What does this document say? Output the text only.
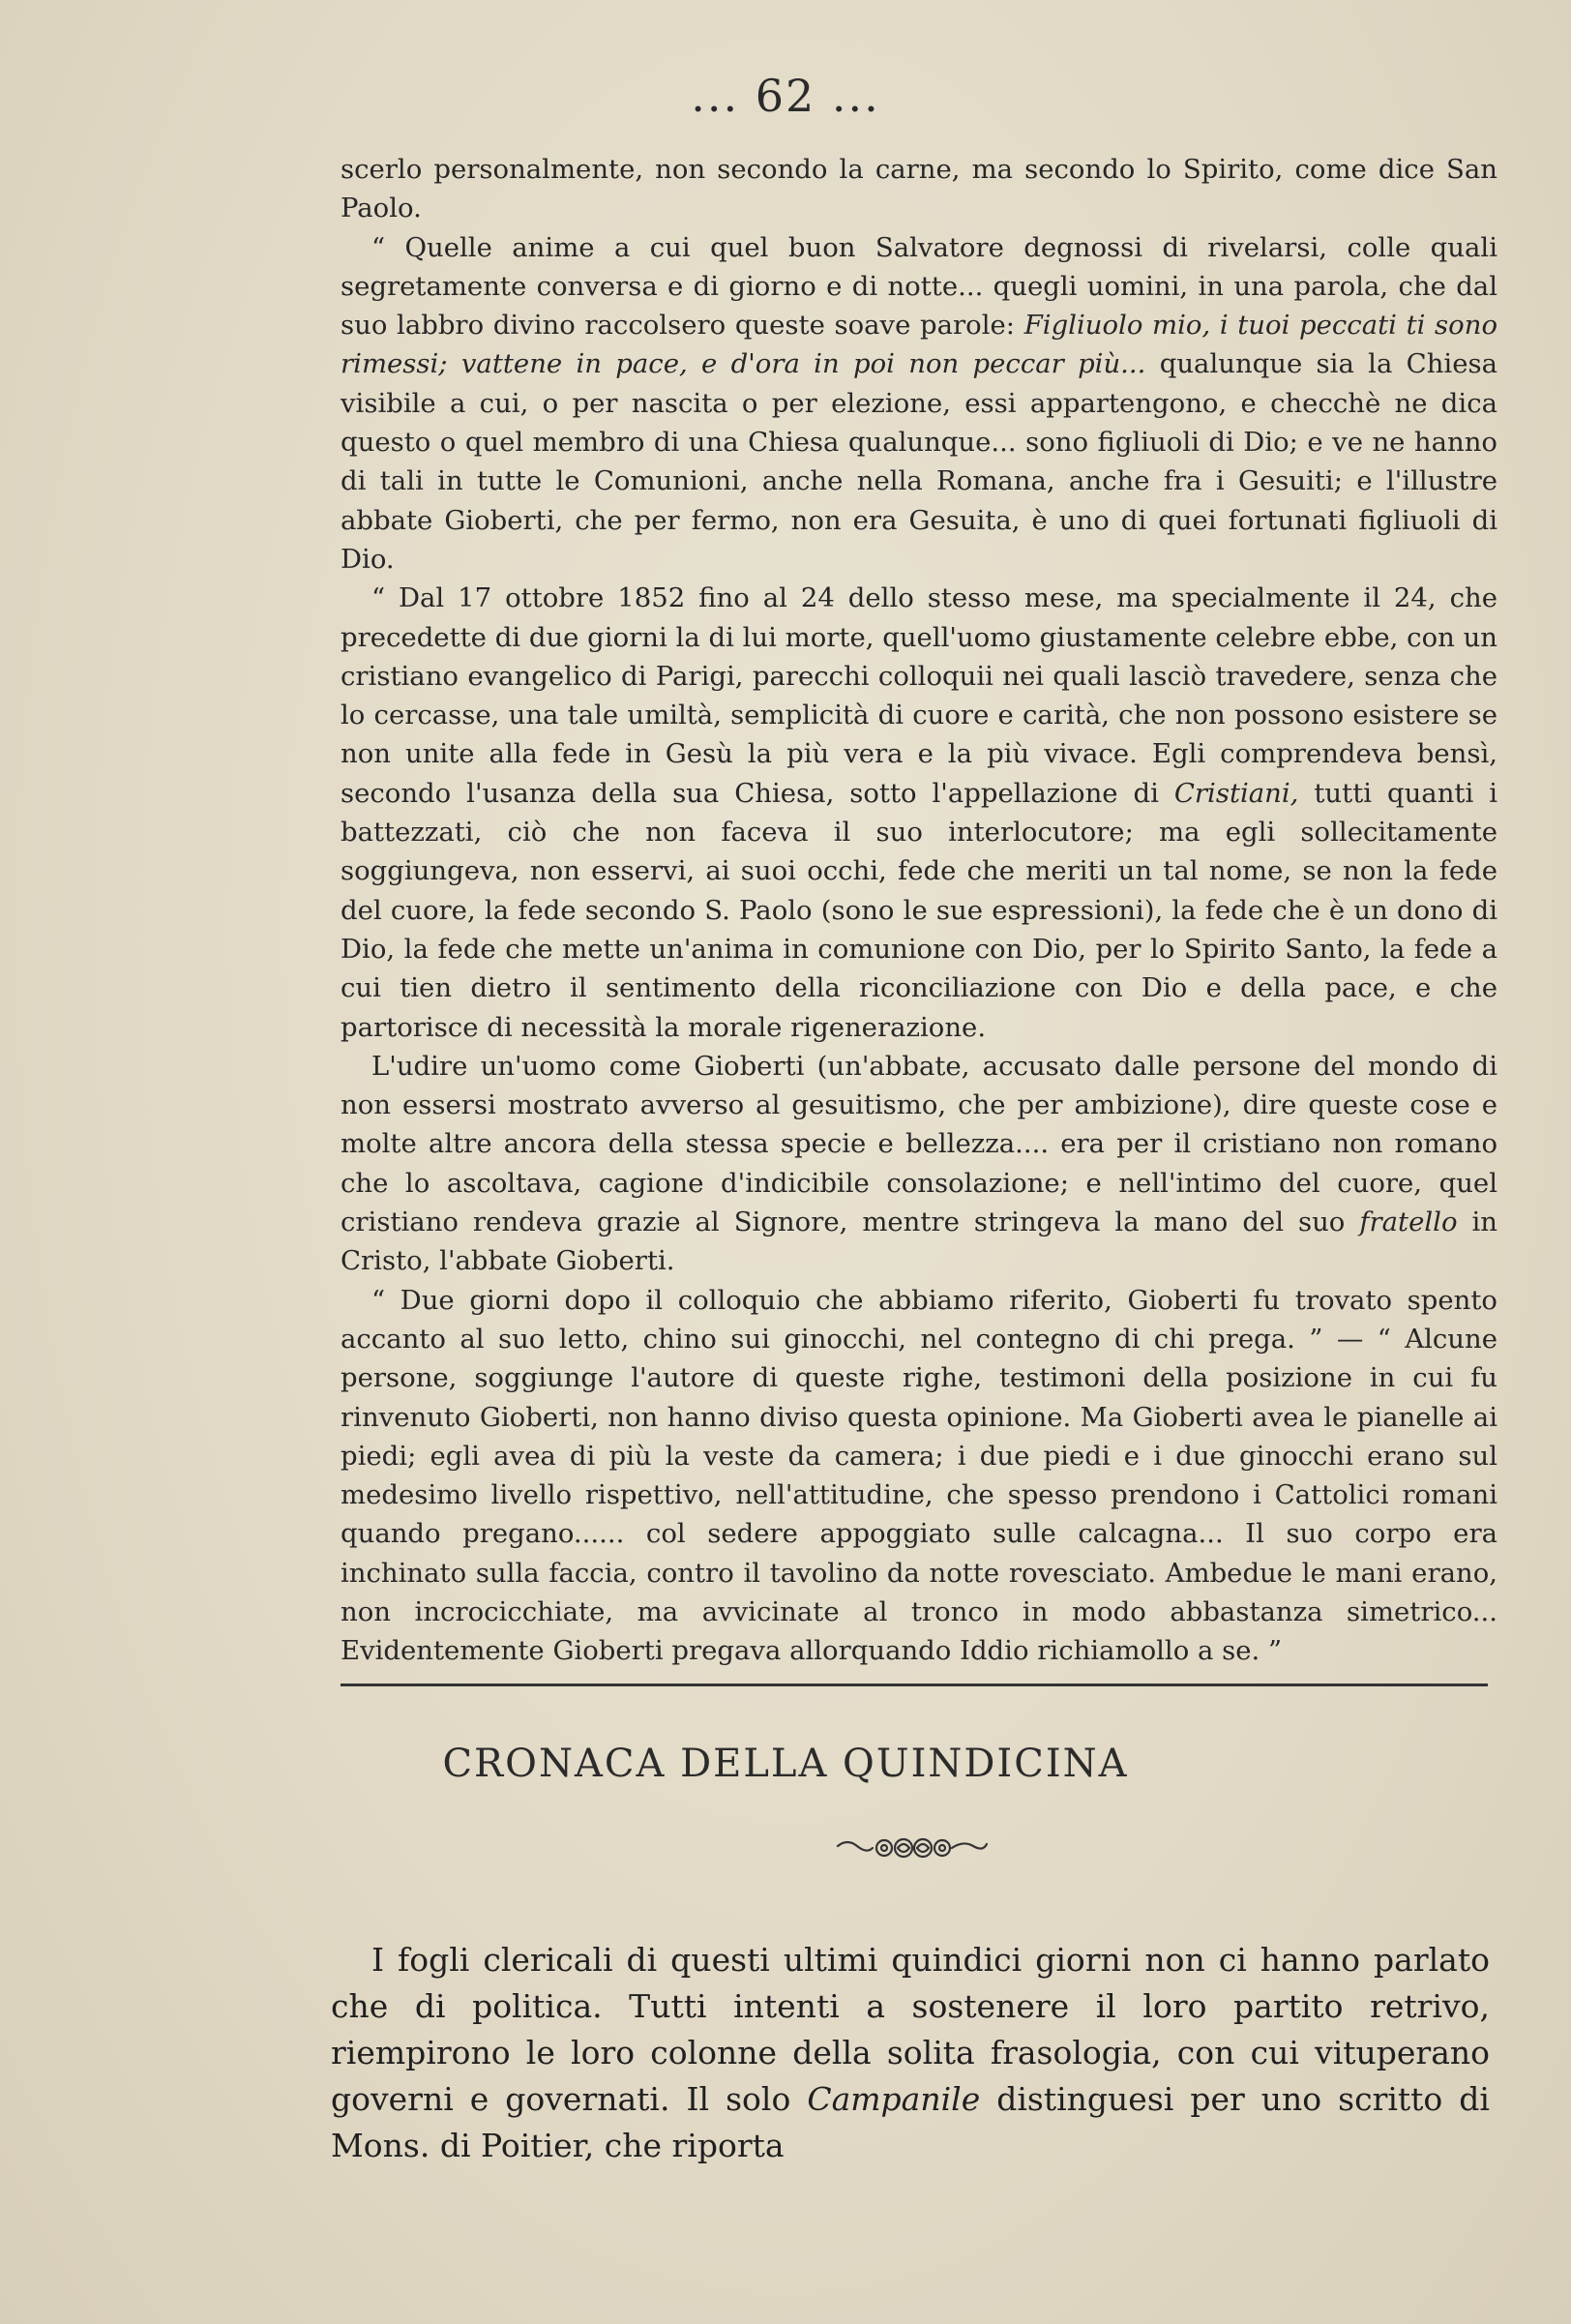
... 62 ...

scerlo personalmente, non secondo la carne, ma secondo lo Spirito, come dice San Paolo.

“ Quelle anime a cui quel buon Salvatore degnossi di rivelarsi, colle quali segretamente conversa e di giorno e di notte... quegli uomini, in una parola, che dal suo labbro divino raccolsero queste soave parole: Figliuolo mio, i tuoi peccati ti sono rimessi; vattene in pace, e d'ora in poi non peccar più... qualunque sia la Chiesa visibile a cui, o per nascita o per elezione, essi appartengono, e checchè ne dica questo o quel membro di una Chiesa qualunque... sono figliuoli di Dio; e ve ne hanno di tali in tutte le Comunioni, anche nella Romana, anche fra i Gesuiti; e l'illustre abbate Gioberti, che per fermo, non era Gesuita, è uno di quei fortunati figliuoli di Dio.

“ Dal 17 ottobre 1852 fino al 24 dello stesso mese, ma specialmente il 24, che precedette di due giorni la di lui morte, quell'uomo giustamente celebre ebbe, con un cristiano evangelico di Parigi, parecchi colloquii nei quali lasciò travedere, senza che lo cercasse, una tale umiltà, semplicità di cuore e carità, che non possono esistere se non unite alla fede in Gesù la più vera e la più vivace. Egli comprendeva bensì, secondo l'usanza della sua Chiesa, sotto l'appellazione di Cristiani, tutti quanti i battezzati, ciò che non faceva il suo interlocutore; ma egli sollecitamente soggiungeva, non esservi, ai suoi occhi, fede che meriti un tal nome, se non la fede del cuore, la fede secondo S. Paolo (sono le sue espressioni), la fede che è un dono di Dio, la fede che mette un'anima in comunione con Dio, per lo Spirito Santo, la fede a cui tien dietro il sentimento della riconciliazione con Dio e della pace, e che partorisce di necessità la morale rigenerazione.

L'udire un'uomo come Gioberti (un'abbate, accusato dalle persone del mondo di non essersi mostrato avverso al gesuitismo, che per ambizione), dire queste cose e molte altre ancora della stessa specie e bellezza.... era per il cristiano non romano che lo ascoltava, cagione d'indicibile consolazione; e nell'intimo del cuore, quel cristiano rendeva grazie al Signore, mentre stringeva la mano del suo fratello in Cristo, l'abbate Gioberti.

“ Due giorni dopo il colloquio che abbiamo riferito, Gioberti fu trovato spento accanto al suo letto, chino sui ginocchi, nel contegno di chi prega. ” — “ Alcune persone, soggiunge l'autore di queste righe, testimoni della posizione in cui fu rinvenuto Gioberti, non hanno diviso questa opinione. Ma Gioberti avea le pianelle ai piedi; egli avea di più la veste da camera; i due piedi e i due ginocchi erano sul medesimo livello rispettivo, nell'attitudine, che spesso prendono i Cattolici romani quando pregano...... col sedere appoggiato sulle calcagna... Il suo corpo era inchinato sulla faccia, contro il tavolino da notte rovesciato. Ambedue le mani erano, non incrocicchiate, ma avvicinate al tronco in modo abbastanza simetrico... Evidentemente Gioberti pregava allorquando Iddio richiamollo a se. ”

CRONACA DELLA QUINDICINA

I fogli clericali di questi ultimi quindici giorni non ci hanno parlato che di politica. Tutti intenti a sostenere il loro partito retrivo, riempirono le loro colonne della solita frasologia, con cui vituperano governi e governati. Il solo Campanile distinguesi per uno scritto di Mons. di Poitier, che riporta
